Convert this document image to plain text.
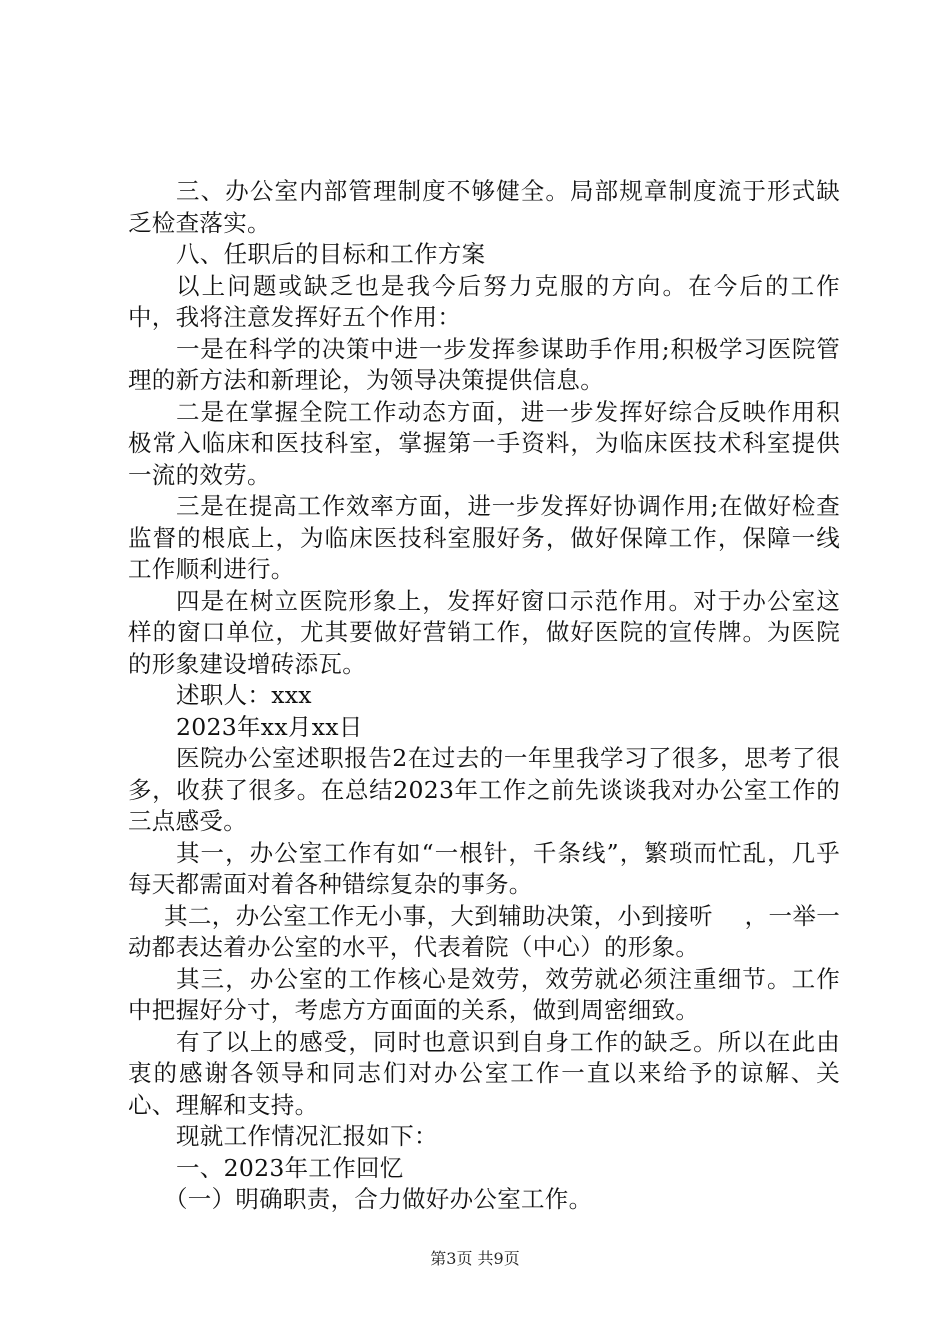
三、办公室内部管理制度不够健全。局部规章制度流于形式缺乏检查落实。

八、任职后的目标和工作方案

以上问题或缺乏也是我今后努力克服的方向。在今后的工作中，我将注意发挥好五个作用：

一是在科学的决策中进一步发挥参谋助手作用;积极学习医院管理的新方法和新理论，为领导决策提供信息。

二是在掌握全院工作动态方面，进一步发挥好综合反映作用积极常入临床和医技科室，掌握第一手资料，为临床医技术科室提供一流的效劳。

三是在提高工作效率方面，进一步发挥好协调作用;在做好检查监督的根底上，为临床医技科室服好务，做好保障工作，保障一线工作顺利进行。

四是在树立医院形象上，发挥好窗口示范作用。对于办公室这样的窗口单位，尤其要做好营销工作，做好医院的宣传牌。为医院的形象建设增砖添瓦。

述职人：xxx

2023年xx月xx日

医院办公室述职报告2在过去的一年里我学习了很多，思考了很多，收获了很多。在总结2023年工作之前先谈谈我对办公室工作的三点感受。

其一，办公室工作有如“一根针，千条线”，繁琐而忙乱，几乎每天都需面对着各种错综复杂的事务。

其二，办公室工作无小事，大到辅助决策，小到接听　 ，一举一动都表达着办公室的水平，代表着院（中心）的形象。

其三，办公室的工作核心是效劳，效劳就必须注重细节。工作中把握好分寸，考虑方方面面的关系，做到周密细致。

有了以上的感受，同时也意识到自身工作的缺乏。所以在此由衷的感谢各领导和同志们对办公室工作一直以来给予的谅解、关心、理解和支持。

现就工作情况汇报如下：

一、2023年工作回忆

（一）明确职责，合力做好办公室工作。

第3页 共9页
